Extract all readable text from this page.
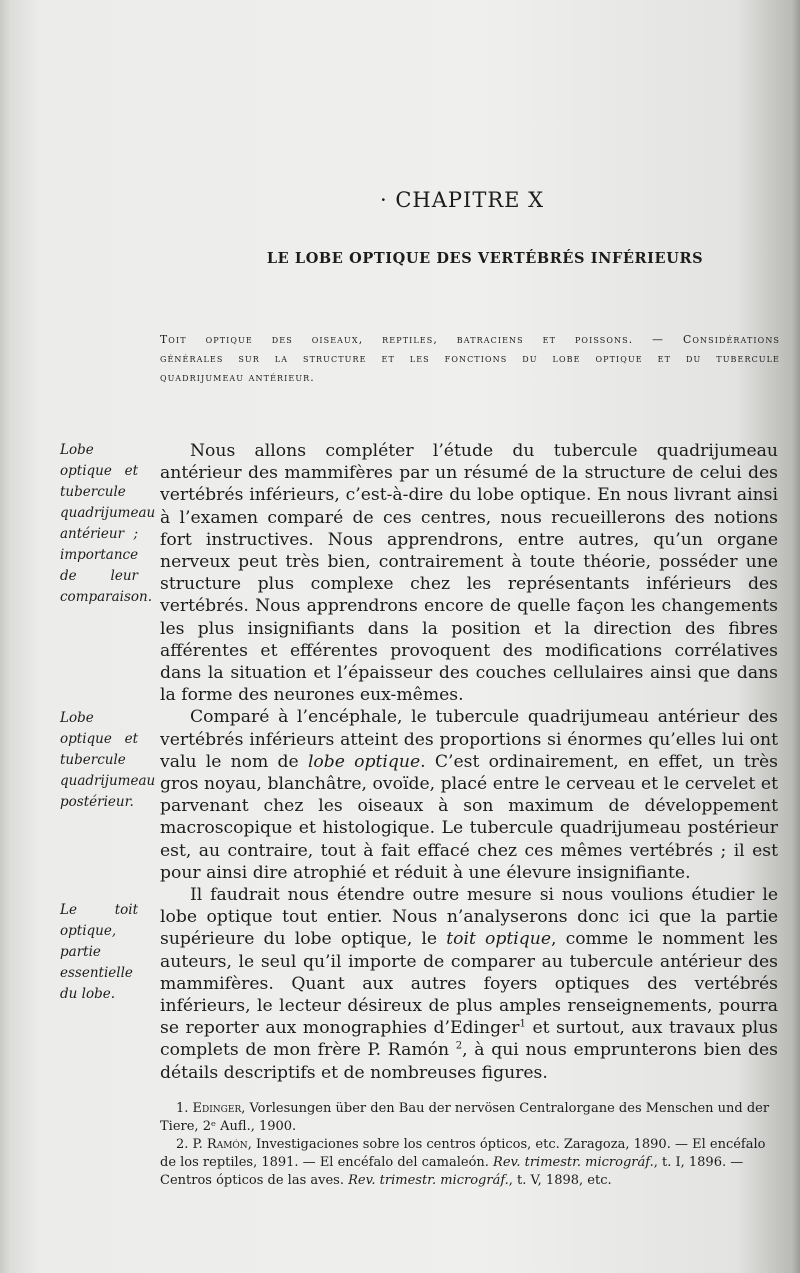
· CHAPITRE X
LE LOBE OPTIQUE DES VERTÉBRÉS INFÉRIEURS
Toit optique des oiseaux, reptiles, batraciens et poissons. — Considérations
générales sur la structure et les fonctions du lobe optique et du tubercule
quadrijumeau antérieur.
Lobe optique et tubercule quadrijumeau antérieur ; importance de leur comparaison.
Lobe optique et tubercule quadrijumeau postérieur.
Le toit optique, partie essentielle du lobe.

Nous allons compléter l’étude du tubercule quadrijumeau antérieur des mammifères par un résumé de la structure de celui des vertébrés inférieurs, c’est-à-dire du lobe optique. En nous livrant ainsi à l’examen comparé de ces centres, nous recueillerons des notions fort instructives. Nous apprendrons, entre autres, qu’un organe nerveux peut très bien, contrairement à toute théorie, posséder une structure plus complexe chez les représentants inférieurs des vertébrés. Nous apprendrons encore de quelle façon les changements les plus insignifiants dans la position et la direction des fibres afférentes et efférentes provoquent des modifications corrélatives dans la situation et l’épaisseur des couches cellulaires ainsi que dans la forme des neurones eux-mêmes.

Comparé à l’encéphale, le tubercule quadrijumeau antérieur des vertébrés inférieurs atteint des proportions si énormes qu’elles lui ont valu le nom de lobe optique. C’est ordinairement, en effet, un très gros noyau, blanchâtre, ovoïde, placé entre le cerveau et le cervelet et parvenant chez les oiseaux à son maximum de développement macroscopique et histologique. Le tubercule quadrijumeau postérieur est, au contraire, tout à fait effacé chez ces mêmes vertébrés ; il est pour ainsi dire atrophié et réduit à une élevure insignifiante.

Il faudrait nous étendre outre mesure si nous voulions étudier le lobe optique tout entier. Nous n’analyserons donc ici que la partie supérieure du lobe optique, le toit optique, comme le nomment les auteurs, le seul qu’il importe de comparer au tubercule antérieur des mammifères. Quant aux autres foyers optiques des vertébrés inférieurs, le lecteur désireux de plus amples renseignements, pourra se reporter aux monographies d’Edinger$^1$ et surtout, aux travaux plus complets de mon frère P. Ramón $^2$, à qui nous emprunterons bien des détails descriptifs et de nombreuses figures.

1. Edinger, Vorlesungen über den Bau der nervösen Centralorgane des Menschen und der Tiere, 2ᵉ Aufl., 1900.

2. P. Ramón, Investigaciones sobre los centros ópticos, etc. Zaragoza, 1890. — El encéfalo de los reptiles, 1891. — El encéfalo del camaleón. Rev. trimestr. micrográf., t. I, 1896. — Centros ópticos de las aves. Rev. trimestr. micrográf., t. V, 1898, etc.
